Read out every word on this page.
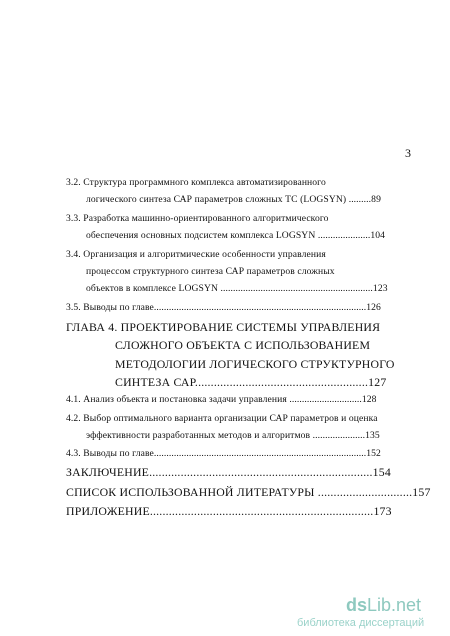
3
3.2. Структура программного комплекса автоматизированного
логического синтеза САР параметров сложных ТС (LOGSYN) .........89
3.3. Разработка машинно-ориентированного алгоритмического
обеспечения основных подсистем комплекса LOGSYN .....................104
3.4. Организация и алгоритмические особенности управления
процессом структурного синтеза САР параметров сложных
объектов в комплексе LOGSYN .............................................................123
3.5. Выводы по главе.....................................................................................126
ГЛАВА 4. ПРОЕКТИРОВАНИЕ СИСТЕМЫ УПРАВЛЕНИЯ
СЛОЖНОГО ОБЪЕКТА С ИСПОЛЬЗОВАНИЕМ
МЕТОДОЛОГИИ ЛОГИЧЕСКОГО СТРУКТУРНОГО
СИНТЕЗА САР.......................................................127
4.1. Анализ объекта и постановка задачи управления .............................128
4.2. Выбор оптимального варианта организации САР параметров и оценка
эффективности разработанных методов и алгоритмов .....................135
4.3. Выводы по главе.....................................................................................152
ЗАКЛЮЧЕНИЕ.......................................................................154
СПИСОК ИСПОЛЬЗОВАННОЙ ЛИТЕРАТУРЫ ..............................157
ПРИЛОЖЕНИЕ.......................................................................173
dsLib.net
библиотека диссертаций
